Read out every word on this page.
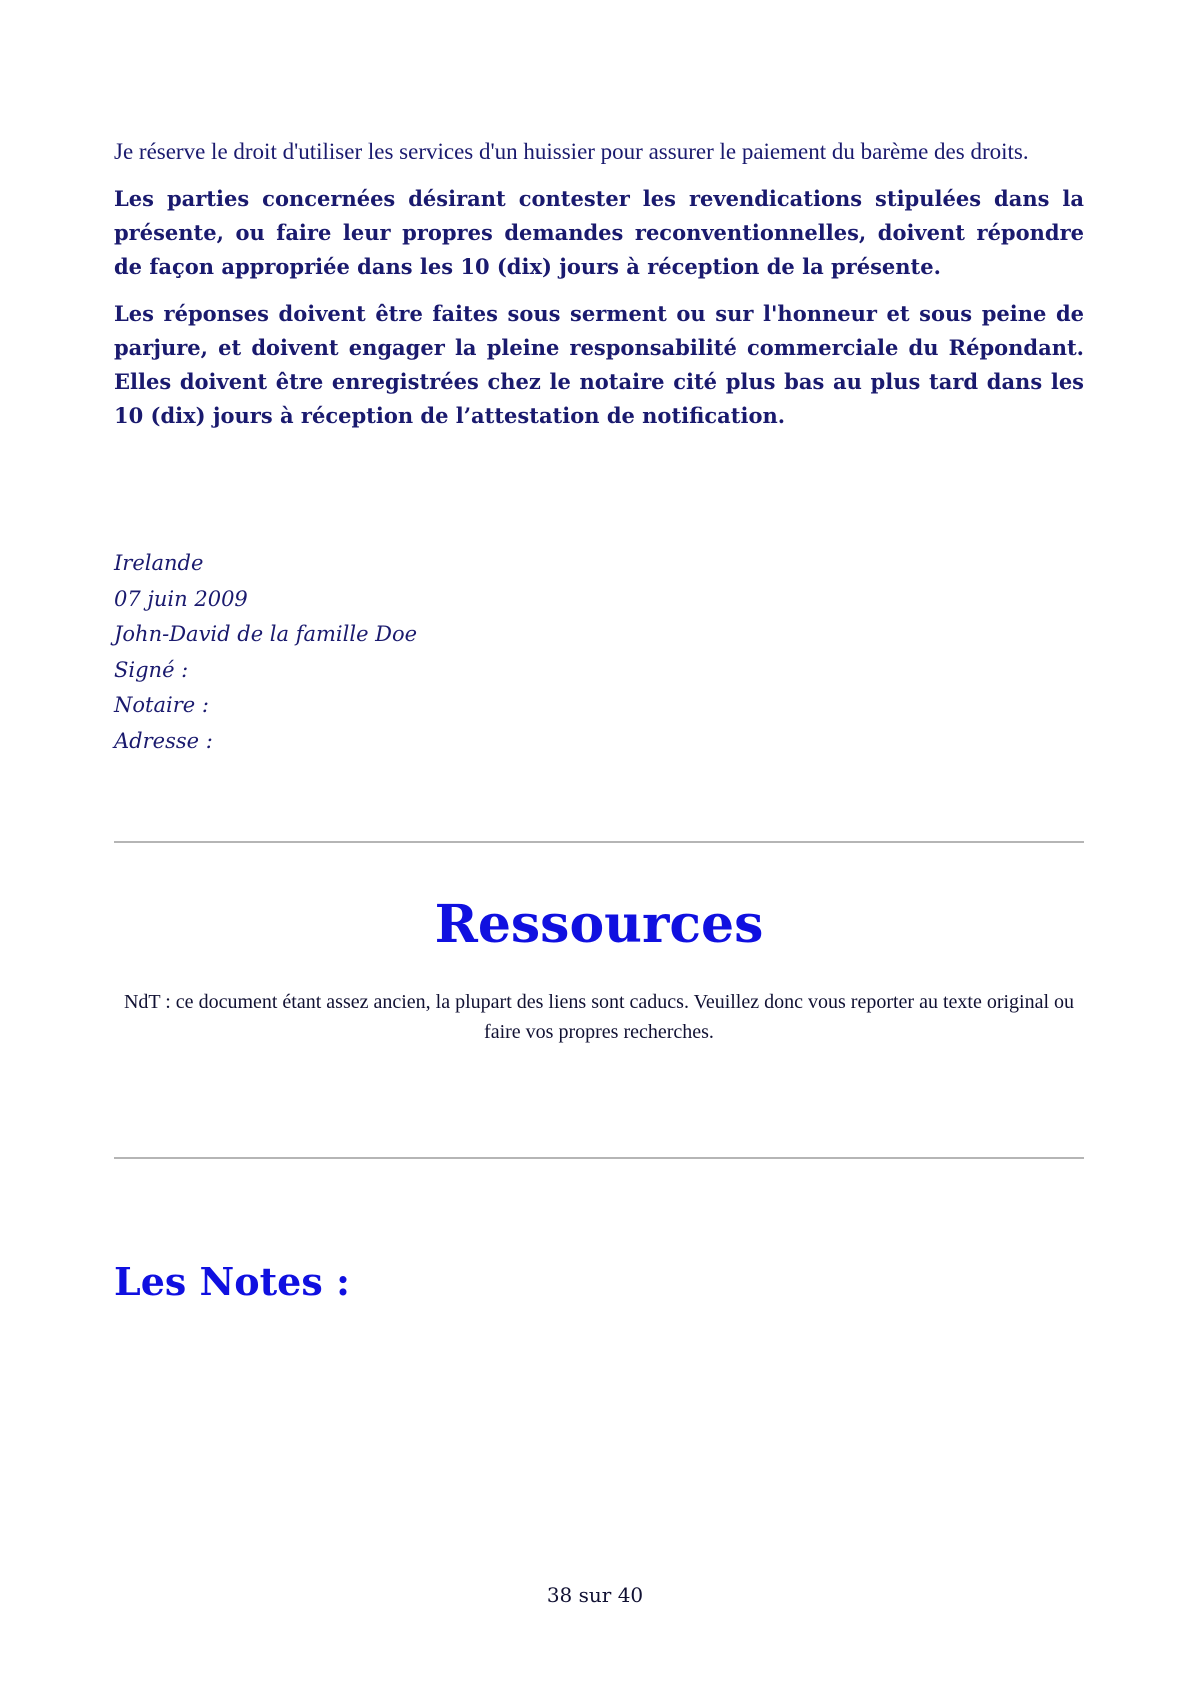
Je réserve le droit d'utiliser les services d'un huissier pour assurer le paiement du barème des droits.

Les parties concernées désirant contester les revendications stipulées dans la présente, ou faire leur propres demandes reconventionnelles, doivent répondre de façon appropriée dans les 10 (dix) jours à réception de la présente.

Les réponses doivent être faites sous serment ou sur l'honneur et sous peine de parjure, et doivent engager la pleine responsabilité commerciale du Répondant. Elles doivent être enregistrées chez le notaire cité plus bas au plus tard dans les 10 (dix) jours à réception de l’attestation de notification.

Irelande
07 juin 2009
John-David de la famille Doe
Signé :
Notaire :
Adresse :
Ressources
NdT : ce document étant assez ancien, la plupart des liens sont caducs. Veuillez donc vous reporter au texte original ou faire vos propres recherches.
Les Notes :
38 sur 40
